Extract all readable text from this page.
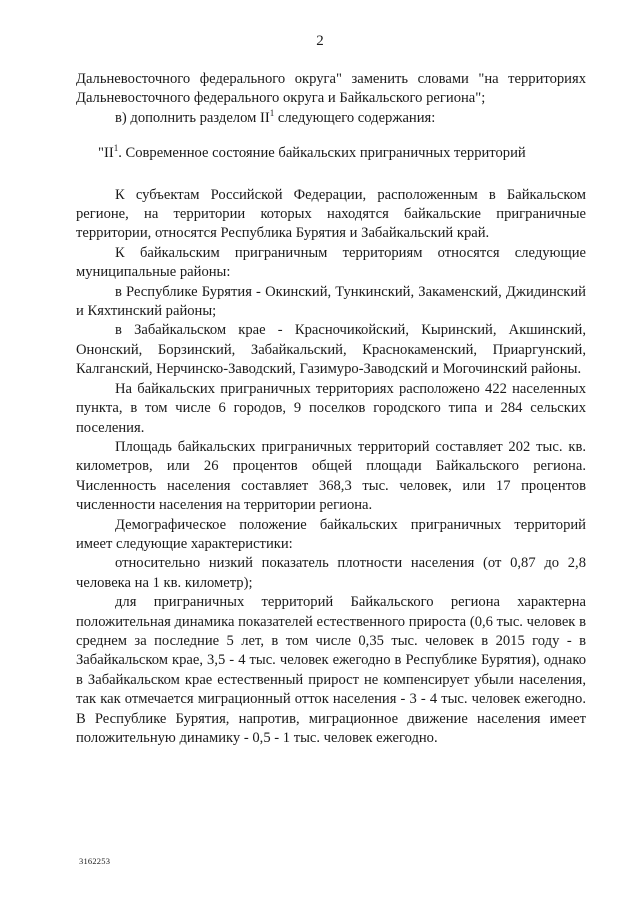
2

Дальневосточного федерального округа" заменить словами "на территориях Дальневосточного федерального округа и Байкальского региона";

в) дополнить разделом $II^1$ следующего содержания:

"$II^1$. Современное состояние байкальских приграничных территорий

К субъектам Российской Федерации, расположенным в Байкальском регионе, на территории которых находятся байкальские приграничные территории, относятся Республика Бурятия и Забайкальский край.

К байкальским приграничным территориям относятся следующие муниципальные районы:

в Республике Бурятия - Окинский, Тункинский, Закаменский, Джидинский и Кяхтинский районы;

в Забайкальском крае - Красночикойский, Кыринский, Акшинский, Ононский, Борзинский, Забайкальский, Краснокаменский, Приаргунский, Калганский, Нерчинско-Заводский, Газимуро-Заводский и Могочинский районы.

На байкальских приграничных территориях расположено 422 населенных пункта, в том числе 6 городов, 9 поселков городского типа и 284 сельских поселения.

Площадь байкальских приграничных территорий составляет 202 тыс. кв. километров, или 26 процентов общей площади Байкальского региона. Численность населения составляет 368,3 тыс. человек, или 17 процентов численности населения на территории региона.

Демографическое положение байкальских приграничных территорий имеет следующие характеристики:

относительно низкий показатель плотности населения (от 0,87 до 2,8 человека на 1 кв. километр);

для приграничных территорий Байкальского региона характерна положительная динамика показателей естественного прироста (0,6 тыс. человек в среднем за последние 5 лет, в том числе 0,35 тыс. человек в 2015 году - в Забайкальском крае, 3,5 - 4 тыс. человек ежегодно в Республике Бурятия), однако в Забайкальском крае естественный прирост не компенсирует убыли населения, так как отмечается миграционный отток населения - 3 - 4 тыс. человек ежегодно. В Республике Бурятия, напротив, миграционное движение населения имеет положительную динамику - 0,5 - 1 тыс. человек ежегодно.

3162253
